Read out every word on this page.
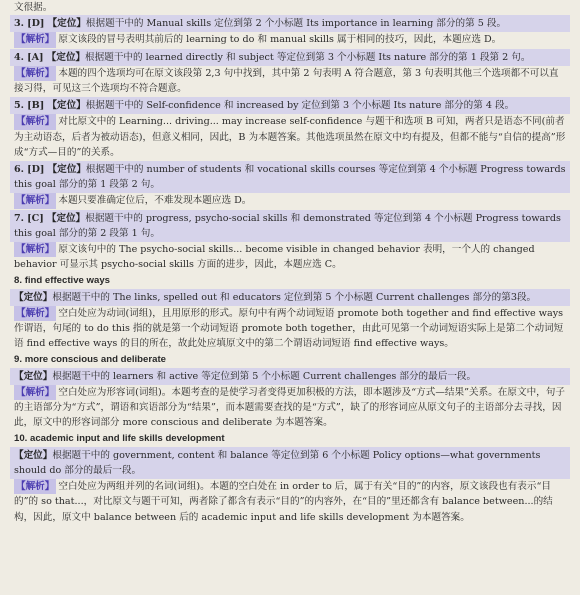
文很据。

3. [D] 【定位】根据题干中的 Manual skills 定位到第 2 个小标题 Its importance in learning 部分的第 5 段。

【解析】 原文该段的冒号表明其前后的 learning to do 和 manual skills 属于相同的技巧，因此，本题应选 D。

4. [A] 【定位】根据题干中的 learned directly 和 subject 等定位到第 3 个小标题 Its nature 部分的第 1 段第 2 句。

【解析】 本题的四个选项均可在原文该段第 2,3 句中找到，其中第 2 句表明 A 符合题意，第 3 句表明其他三个选项都不可以直接习得，可见这三个选项均不符合题意。

5. [B] 【定位】根据题干中的 Self-confidence 和 increased by 定位到第 3 个小标题 Its nature 部分的第 4 段。

【解析】 对比原文中的 Learning... driving... may increase self-confidence 与题干和选项 B 可知，两者只是语态不同(前者为主动语态，后者为被动语态)，但意义相同，因此，B 为本题答案。其他选项虽然在原文中均有提及，但都不能与“自信的提高”形成“方式—目的”的关系。

6. [D] 【定位】根据题干中的 number of students 和 vocational skills courses 等定位到第 4 个小标题 Progress towards this goal 部分的第 1 段第 2 句。

【解析】 本题只要准确定位后，不难发现本题应选 D。

7. [C] 【定位】根据题干中的 progress, psycho-social skills 和 demonstrated 等定位到第 4 个小标题 Progress towards this goal 部分的第 2 段第 1 句。

【解析】 原文该句中的 The psycho-social skills... become visible in changed behavior 表明，一个人的 changed behavior 可显示其 psycho-social skills 方面的进步，因此，本题应选 C。

8. find effective ways

【定位】根据题干中的 The links, spelled out 和 educators 定位到第 5 个小标题 Current challenges 部分的第3段。

【解析】 空白处应为动词(词组)，且用原形的形式。原句中有两个动词短语 promote both together and find effective ways 作谓语，句尾的 to do this 指的就是第一个动词短语 promote both together，由此可见第一个动词短语实际上是第二个动词短语 find effective ways 的目的所在，故此处应填原文中的第二个谓语动词短语 find effective ways。

9. more conscious and deliberate

【定位】根据题干中的 learners 和 active 等定位到第 5 个小标题 Current challenges 部分的最后一段。

【解析】 空白处应为形容词(词组)。本题考查的是使学习者变得更加积极的方法，即本题涉及“方式—结果”关系。在原文中，句子的主语部分为“方式”，谓语和宾语部分为“结果”，而本题需要查找的是“方式”，缺了的形容词应从原文句子的主语部分去寻找，因此，原文中的形容词部分 more conscious and deliberate 为本题答案。

10. academic input and life skills development

【定位】根据题干中的 government, content 和 balance 等定位到第 6 个小标题 Policy options—what governments should do 部分的最后一段。

【解析】 空白处应为两组并列的名词(词组)。本题的空白处在 in order to 后，属于有关“目的”的内容，原文该段也有表示“目的”的 so that...，对比原文与题干可知，两者除了都含有表示“目的”的内容外，在“目的”里还都含有 balance between...的结构，因此，原文中 balance between 后的 academic input and life skills development 为本题答案。
